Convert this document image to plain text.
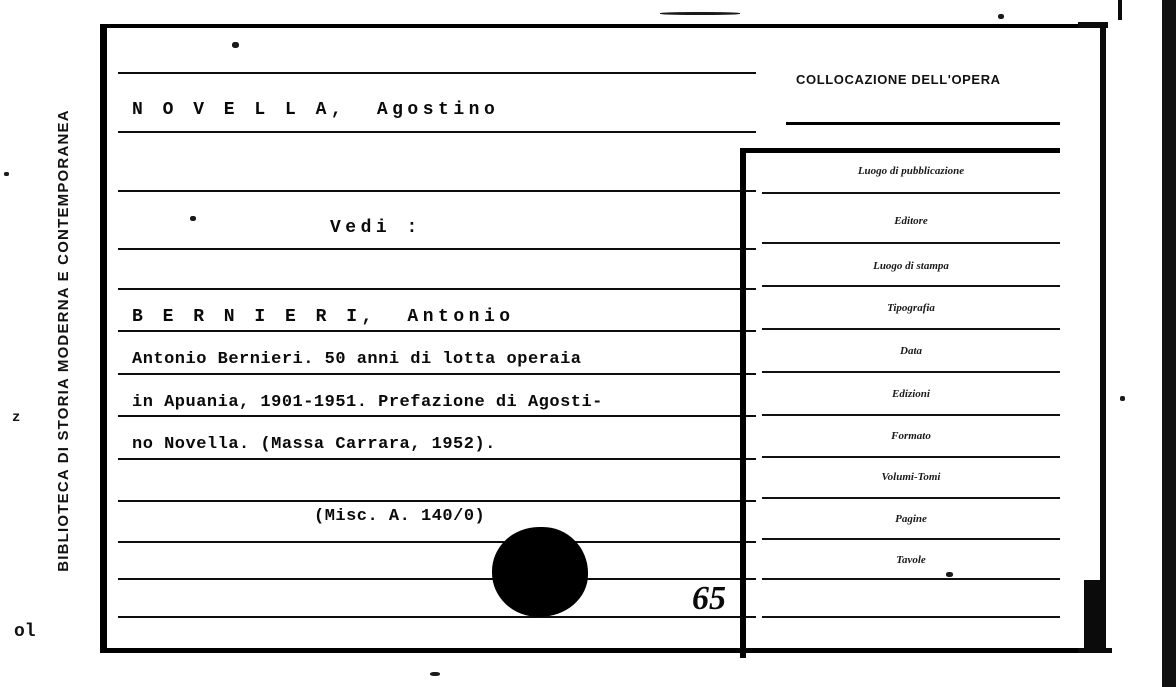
BIBLIOTECA DI STORIA MODERNA E CONTEMPORANEA
z
ol
N O V E L L A,  Agostino
Vedi :
B E R N I E R I,  Antonio
Antonio Bernieri. 50 anni di lotta operaia
in Apuania, 1901-1951. Prefazione di Agosti-
no Novella. (Massa Carrara, 1952).
(Misc. A. 140/0)
65
COLLOCAZIONE DELL'OPERA
Luogo di pubblicazione
Editore
Luogo di stampa
Tipografia
Data
Edizioni
Formato
Volumi-Tomi
Pagine
Tavole
